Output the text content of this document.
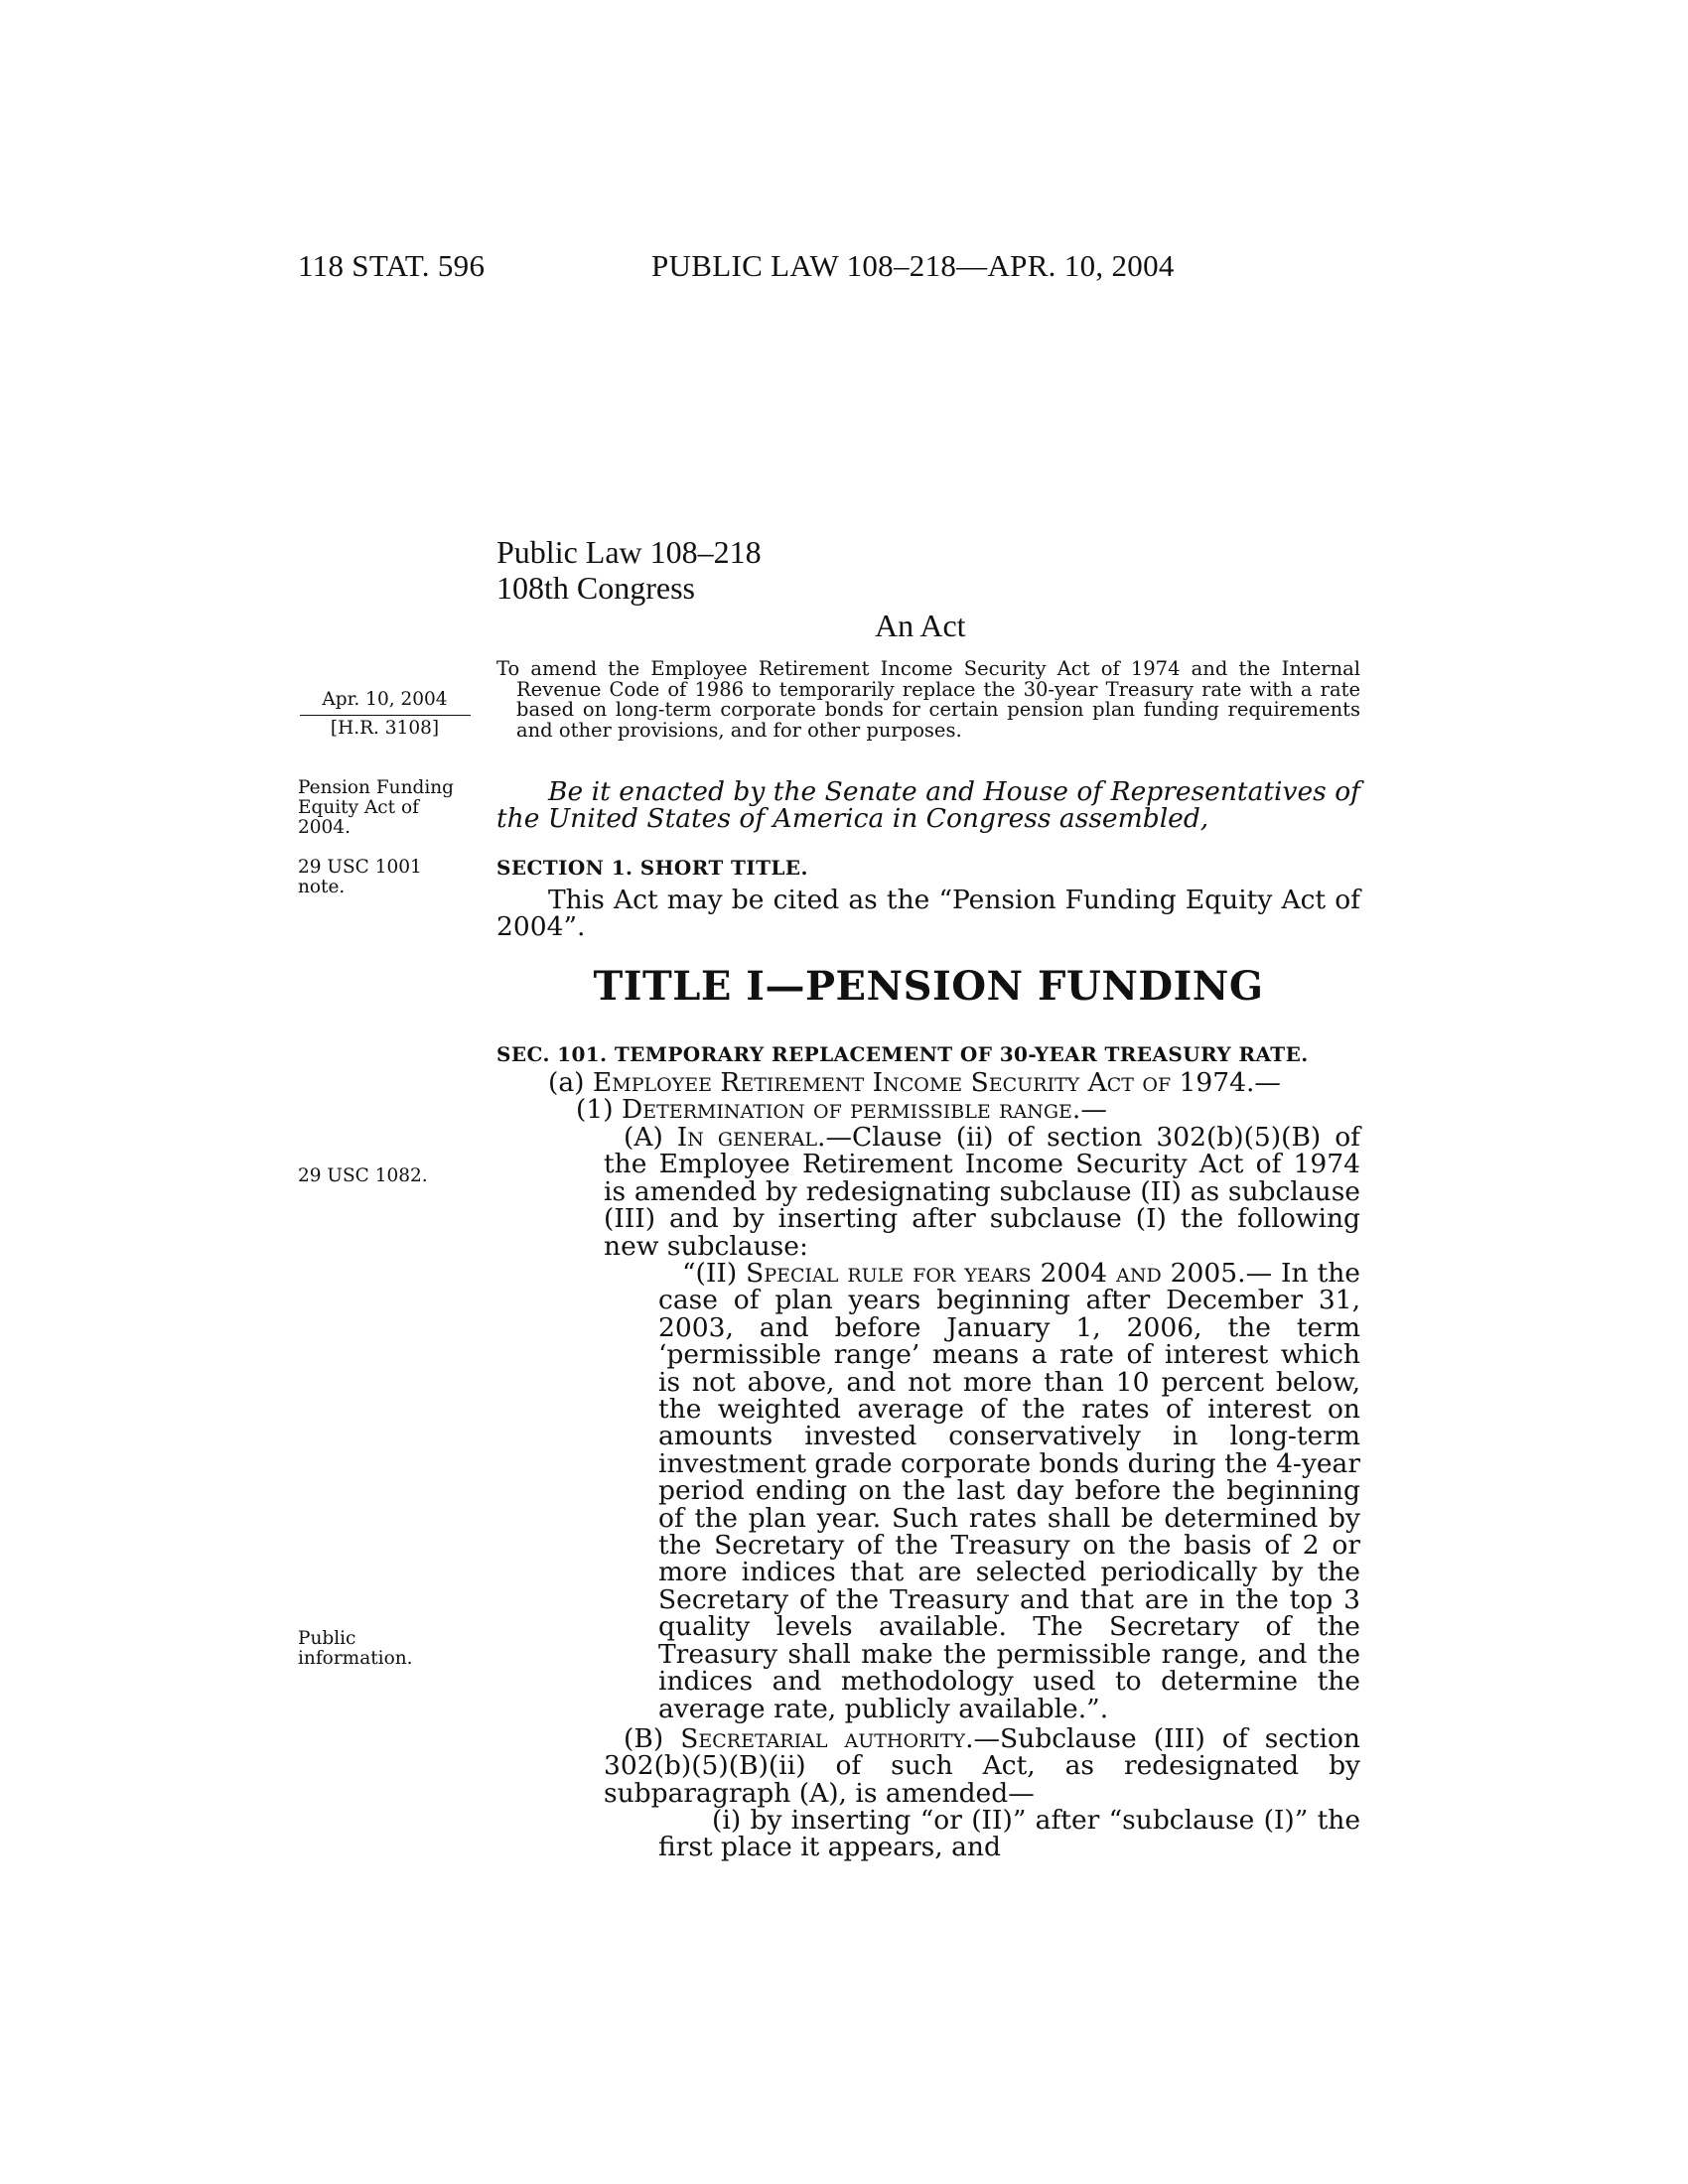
118 STAT. 596	PUBLIC LAW 108–218—APR. 10, 2004
Public Law 108–218
108th Congress
An Act
To amend the Employee Retirement Income Security Act of 1974 and the Internal Revenue Code of 1986 to temporarily replace the 30-year Treasury rate with a rate based on long-term corporate bonds for certain pension plan funding requirements and other provisions, and for other purposes.
Apr. 10, 2004
[H.R. 3108]
Pension Funding Equity Act of 2004.
29 USC 1001 note.
29 USC 1082.
Public information.
Be it enacted by the Senate and House of Representatives of the United States of America in Congress assembled,
SECTION 1. SHORT TITLE.
This Act may be cited as the “Pension Funding Equity Act of 2004”.
TITLE I—PENSION FUNDING
SEC. 101. TEMPORARY REPLACEMENT OF 30-YEAR TREASURY RATE.
(a) Employee Retirement Income Security Act of 1974.—
(1) Determination of permissible range.—
(A) In general.—Clause (ii) of section 302(b)(5)(B) of the Employee Retirement Income Security Act of 1974 is amended by redesignating subclause (II) as subclause (III) and by inserting after subclause (I) the following new subclause:
“(II) Special rule for years 2004 and 2005.— In the case of plan years beginning after December 31, 2003, and before January 1, 2006, the term ‘permissible range’ means a rate of interest which is not above, and not more than 10 percent below, the weighted average of the rates of interest on amounts invested conservatively in long-term investment grade corporate bonds during the 4-year period ending on the last day before the beginning of the plan year. Such rates shall be determined by the Secretary of the Treasury on the basis of 2 or more indices that are selected periodically by the Secretary of the Treasury and that are in the top 3 quality levels available. The Secretary of the Treasury shall make the permissible range, and the indices and methodology used to determine the average rate, publicly available.”.
(B) Secretarial authority.—Subclause (III) of section 302(b)(5)(B)(ii) of such Act, as redesignated by subparagraph (A), is amended—
(i) by inserting “or (II)” after “subclause (I)” the first place it appears, and
